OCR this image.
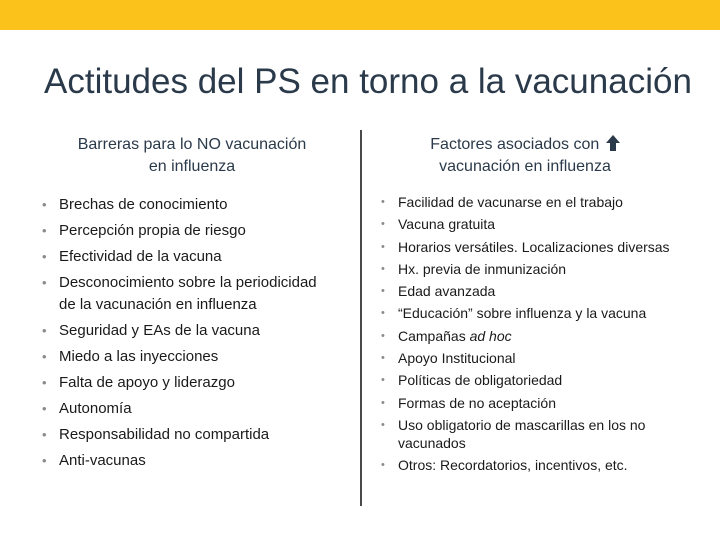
Actitudes del PS en torno a la vacunación
Barreras para lo NO vacunación
en influenza
Factores asociados con
vacunación en influenza
• Brechas de conocimiento
• Percepción propia de riesgo
• Efectividad de la vacuna
• Desconocimiento sobre la periodicidad de la vacunación en influenza
• Seguridad y EAs de la vacuna
• Miedo a las inyecciones
• Falta de apoyo y liderazgo
• Autonomía
• Responsabilidad no compartida
• Anti-vacunas
• Facilidad de vacunarse en el trabajo
• Vacuna gratuita
• Horarios versátiles. Localizaciones diversas
• Hx. previa de inmunización
• Edad avanzada
• “Educación” sobre influenza y la vacuna
• Campañas ad hoc
• Apoyo Institucional
• Políticas de obligatoriedad
• Formas de no aceptación
• Uso obligatorio de mascarillas en los no vacunados
• Otros: Recordatorios, incentivos, etc.
